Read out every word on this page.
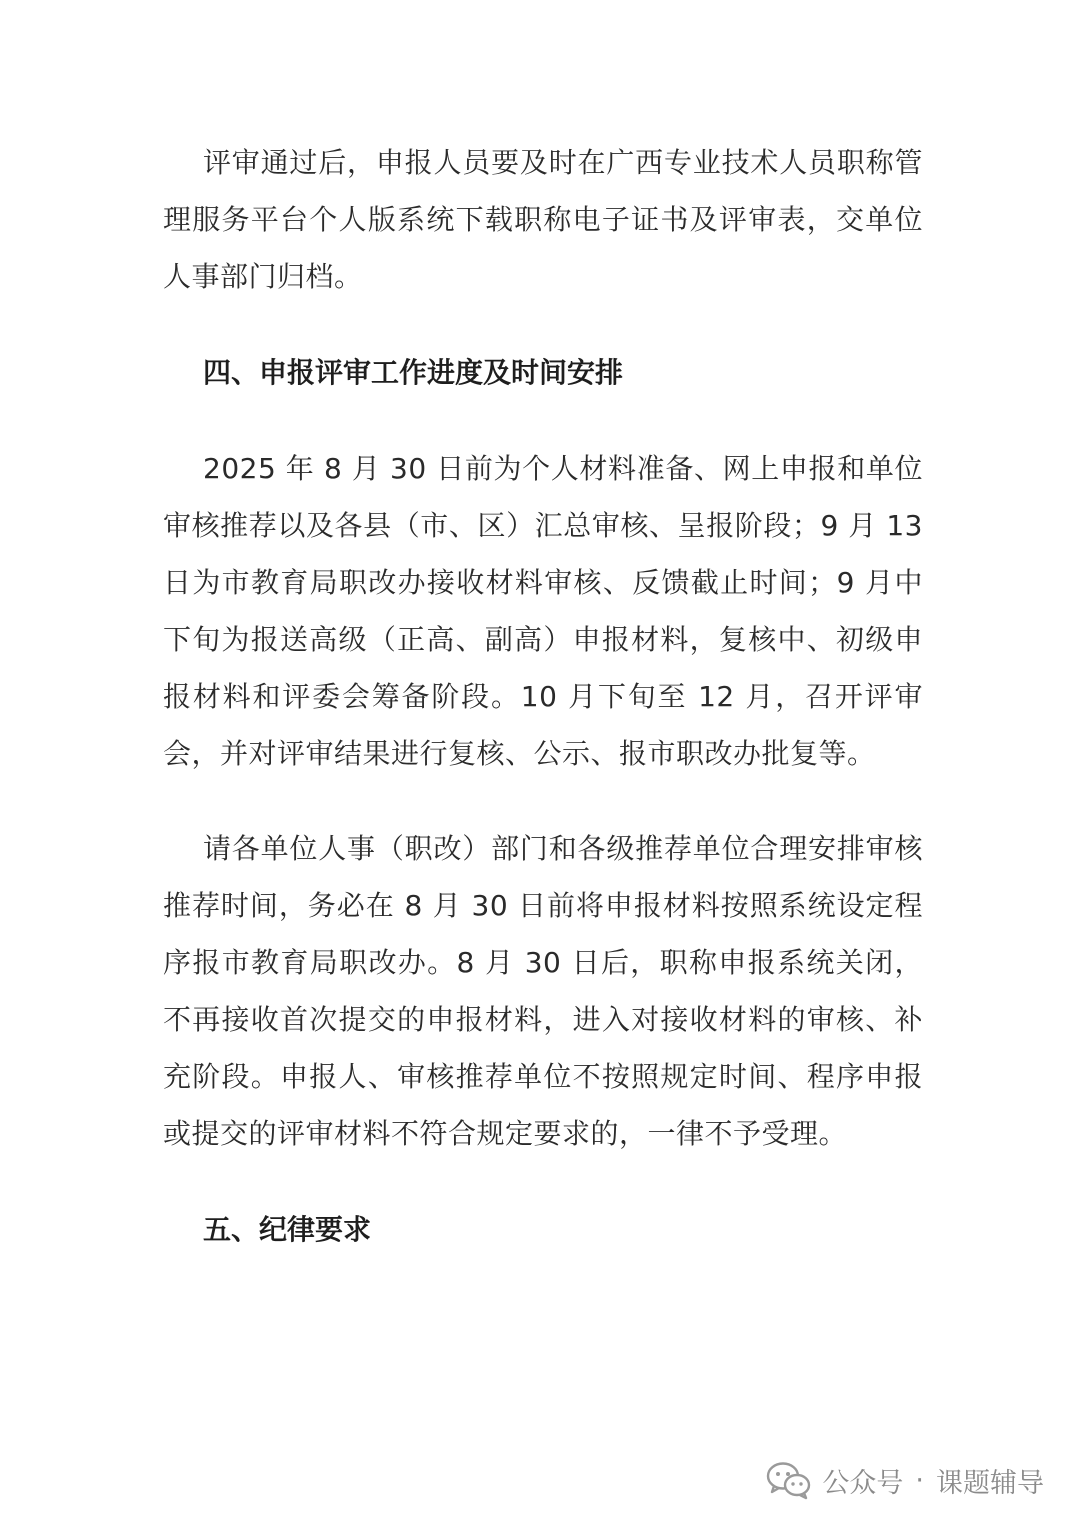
评审通过后，申报人员要及时在广西专业技术人员职称管理服务平台个人版系统下载职称电子证书及评审表，交单位人事部门归档。

四、申报评审工作进度及时间安排

2025 年 8 月 30 日前为个人材料准备、网上申报和单位审核推荐以及各县（市、区）汇总审核、呈报阶段；9 月 13 日为市教育局职改办接收材料审核、反馈截止时间；9 月中下旬为报送高级（正高、副高）申报材料，复核中、初级申报材料和评委会筹备阶段。10 月下旬至 12 月，召开评审会，并对评审结果进行复核、公示、报市职改办批复等。

请各单位人事（职改）部门和各级推荐单位合理安排审核推荐时间，务必在 8 月 30 日前将申报材料按照系统设定程序报市教育局职改办。8 月 30 日后，职称申报系统关闭，不再接收首次提交的申报材料，进入对接收材料的审核、补充阶段。申报人、审核推荐单位不按照规定时间、程序申报或提交的评审材料不符合规定要求的，一律不予受理。

五、纪律要求
公众号 · 课题辅导
